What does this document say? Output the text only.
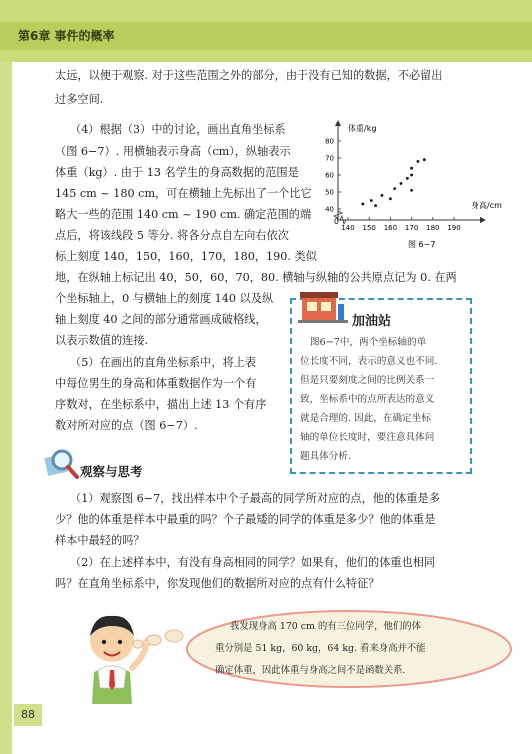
第6章 事件的概率
太远，以便于观察. 对于这些范围之外的部分，由于没有已知的数据，不必留出
过多空间.
（4）根据（3）中的讨论，画出直角坐标系
（图 6−7）. 用横轴表示身高（cm），纵轴表示
体重（kg）. 由于 13 名学生的身高数据的范围是
145 cm ~ 180 cm，可在横轴上先标出了一个比它
略大一些的范围 140 cm ~ 190 cm. 确定范围的端
点后，将该线段 5 等分. 将各分点自左向右依次
标上刻度 140，150，160，170，180，190. 类似
地，在纵轴上标记出 40，50，60，70，80. 横轴与纵轴的公共原点记为 0. 在两
个坐标轴上，0 与横轴上的刻度 140 以及纵
轴上刻度 40 之间的部分通常画成破格线，
以表示数值的连接.
（5）在画出的直角坐标系中，将上表
中每位男生的身高和体重数据作为一个有
序数对，在坐标系中，描出上述 13 个有序
数对所对应的点（图 6−7）.
140 150 160 170 180 190
40
50
60
70
80
体重/kg
身高/cm
图 6−7
0
加油站
图6−7中，两个坐标轴的单
位长度不同，表示的意义也不同.
但是只要刻度之间的比例关系一
致，坐标系中的点所表达的意义
就是合理的. 因此，在确定坐标
轴的单位长度时，要注意具体问
题具体分析.
观察与思考
（1）观察图 6−7，找出样本中个子最高的同学所对应的点，他的体重是多
少？他的体重是样本中最重的吗？个子最矮的同学的体重是多少？他的体重是
样本中最轻的吗？
（2）在上述样本中，有没有身高相同的同学？如果有，他们的体重也相同
吗？在直角坐标系中，你发现他们的数据所对应的点有什么特征？
我发现身高 170 cm 的有三位同学，他们的体
重分别是 51 kg，60 kg，64 kg. 看来身高并不能
确定体重，因此体重与身高之间不是函数关系.
88
